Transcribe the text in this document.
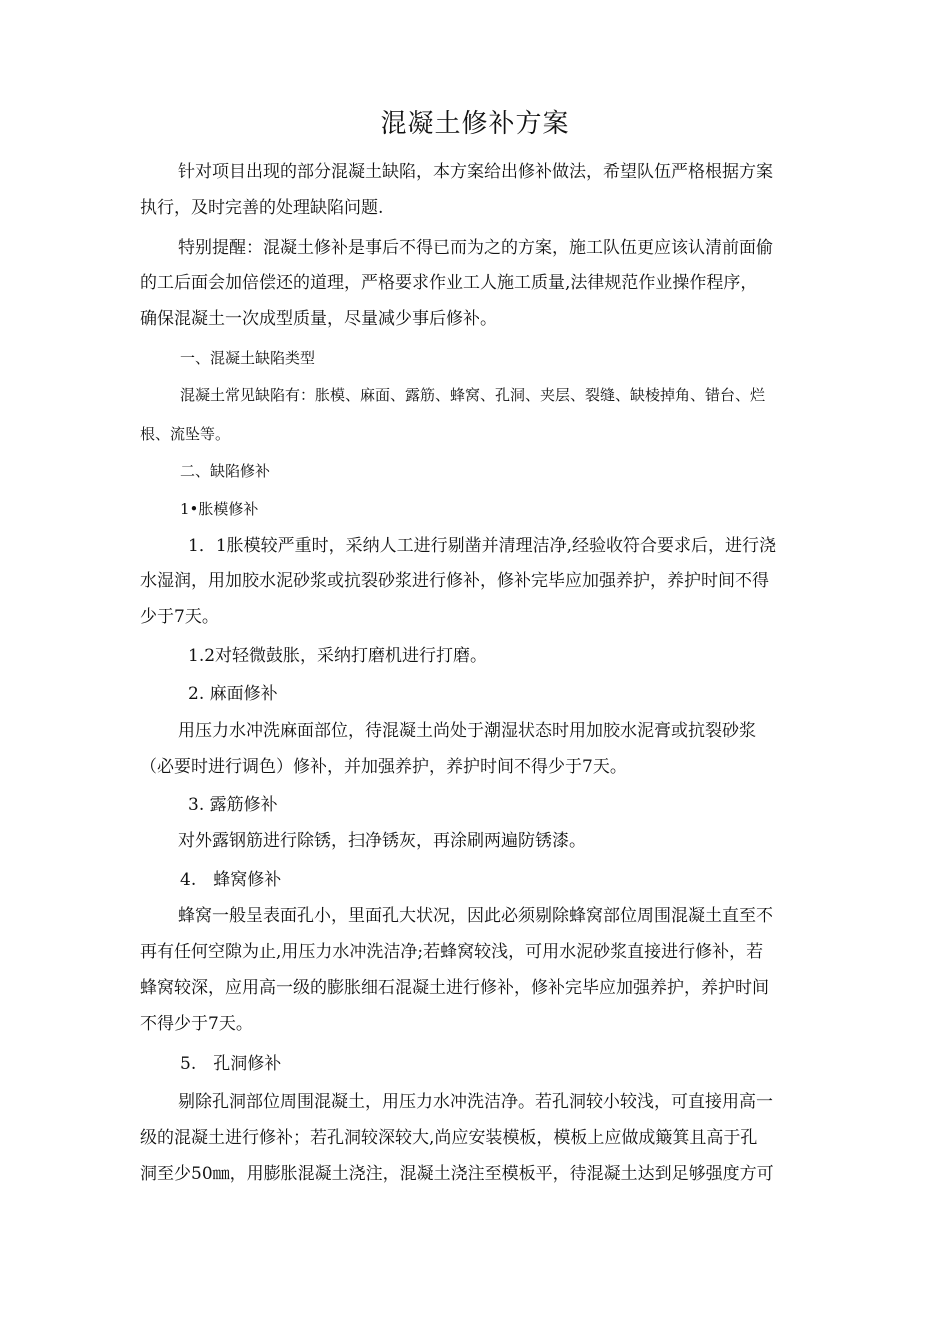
混凝土修补方案
针对项目出现的部分混凝土缺陷，本方案给出修补做法，希望队伍严格根据方案
执行，及时完善的处理缺陷问题.
特别提醒：混凝土修补是事后不得已而为之的方案，施工队伍更应该认清前面偷
的工后面会加倍偿还的道理，严格要求作业工人施工质量,法律规范作业操作程序，
确保混凝土一次成型质量，尽量减少事后修补。
一、混凝土缺陷类型
混凝土常见缺陷有：胀模、麻面、露筋、蜂窝、孔洞、夹层、裂缝、缺棱掉角、错台、烂
根、流坠等。
二、缺陷修补
1•胀模修补
1．1胀模较严重时，采纳人工进行剔凿并清理洁净,经验收符合要求后，进行浇
水湿润，用加胶水泥砂浆或抗裂砂浆进行修补，修补完毕应加强养护，养护时间不得
少于7天。
1.2对轻微鼓胀，采纳打磨机进行打磨。
2. 麻面修补
用压力水冲洗麻面部位，待混凝土尚处于潮湿状态时用加胶水泥膏或抗裂砂浆
（必要时进行调色）修补，并加强养护，养护时间不得少于7天。
3. 露筋修补
对外露钢筋进行除锈，扫净锈灰，再涂刷两遍防锈漆。
4.　蜂窝修补
蜂窝一般呈表面孔小，里面孔大状况，因此必须剔除蜂窝部位周围混凝土直至不
再有任何空隙为止,用压力水冲洗洁净;若蜂窝较浅，可用水泥砂浆直接进行修补，若
蜂窝较深，应用高一级的膨胀细石混凝土进行修补，修补完毕应加强养护，养护时间
不得少于7天。
5.　孔洞修补
剔除孔洞部位周围混凝土，用压力水冲洗洁净。若孔洞较小较浅，可直接用高一
级的混凝土进行修补；若孔洞较深较大,尚应安装模板，模板上应做成簸箕且高于孔
洞至少50㎜，用膨胀混凝土浇注，混凝土浇注至模板平，待混凝土达到足够强度方可
